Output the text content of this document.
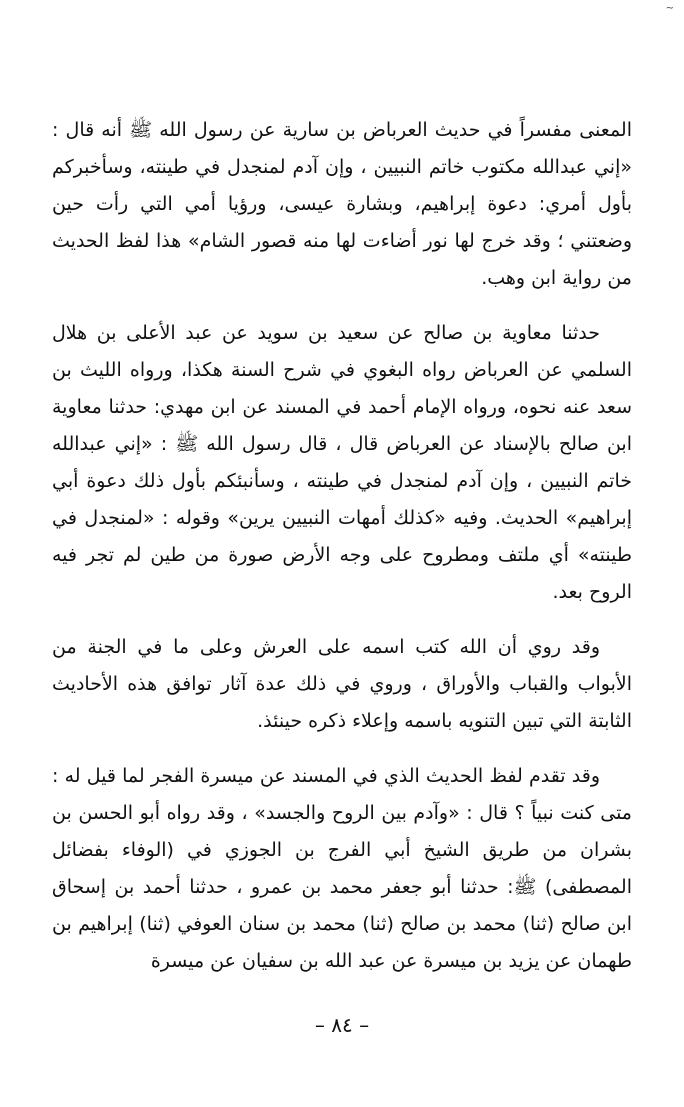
~

المعنى مفسراً في حديث العرباض بن سارية عن رسول الله ﷺ أنه قال : «إني عبدالله مكتوب خاتم النبيين ، وإن آدم لمنجدل في طينته، وسأخبركم بأول أمري: دعوة إبراهيم، وبشارة عيسى، ورؤيا أمي التي رأت حين وضعتني ؛ وقد خرج لها نور أضاءت لها منه قصور الشام» هذا لفظ الحديث من رواية ابن وهب.

حدثنا معاوية بن صالح عن سعيد بن سويد عن عبد الأعلى بن هلال السلمي عن العرباض رواه البغوي في شرح السنة هكذا، ورواه الليث بن سعد عنه نحوه، ورواه الإمام أحمد في المسند عن ابن مهدي: حدثنا معاوية ابن صالح بالإسناد عن العرباض قال ، قال رسول الله ﷺ : «إني عبدالله خاتم النبيين ، وإن آدم لمنجدل في طينته ، وسأنبئكم بأول ذلك دعوة أبي إبراهيم» الحديث. وفيه «كذلك أمهات النبيين يرين» وقوله : «لمنجدل في طينته» أي ملتف ومطروح على وجه الأرض صورة من طين لم تجر فيه الروح بعد.

وقد روي أن الله كتب اسمه على العرش وعلى ما في الجنة من الأبواب والقباب والأوراق ، وروي في ذلك عدة آثار توافق هذه الأحاديث الثابتة التي تبين التنويه باسمه وإعلاء ذكره حينئذ.

وقد تقدم لفظ الحديث الذي في المسند عن ميسرة الفجر لما قيل له : متى كنت نبياً ؟ قال : «وآدم بين الروح والجسد» ، وقد رواه أبو الحسن بن بشران من طريق الشيخ أبي الفرج بن الجوزي في (الوفاء بفضائل المصطفى) ﷺ: حدثنا أبو جعفر محمد بن عمرو ، حدثنا أحمد بن إسحاق ابن صالح (ثنا) محمد بن صالح (ثنا) محمد بن سنان العوفي (ثنا) إبراهيم بن طهمان عن يزيد بن ميسرة عن عبد الله بن سفيان عن ميسرة

– ٨٤ –
